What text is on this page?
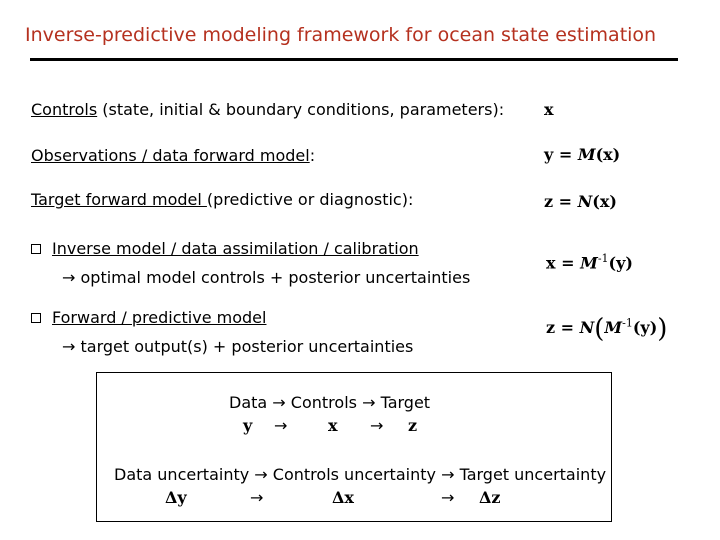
Inverse-predictive modeling framework for ocean state estimation
Controls (state, initial & boundary conditions, parameters): x
Observations / data forward model:	y = M(x)
Target forward model (predictive or diagnostic):	z = N(x)
Inverse model / data assimilation / calibration
→ optimal model controls + posterior uncertainties
$x = M^{-1}(y)$
Forward / predictive model
→ target output(s) + posterior uncertainties
$z = N(M^{-1}(y))$
Data → Controls → Target
y →	x → z
Data uncertainty → Controls uncertainty → Target uncertainty
Δy	→	Δx	→ Δz
